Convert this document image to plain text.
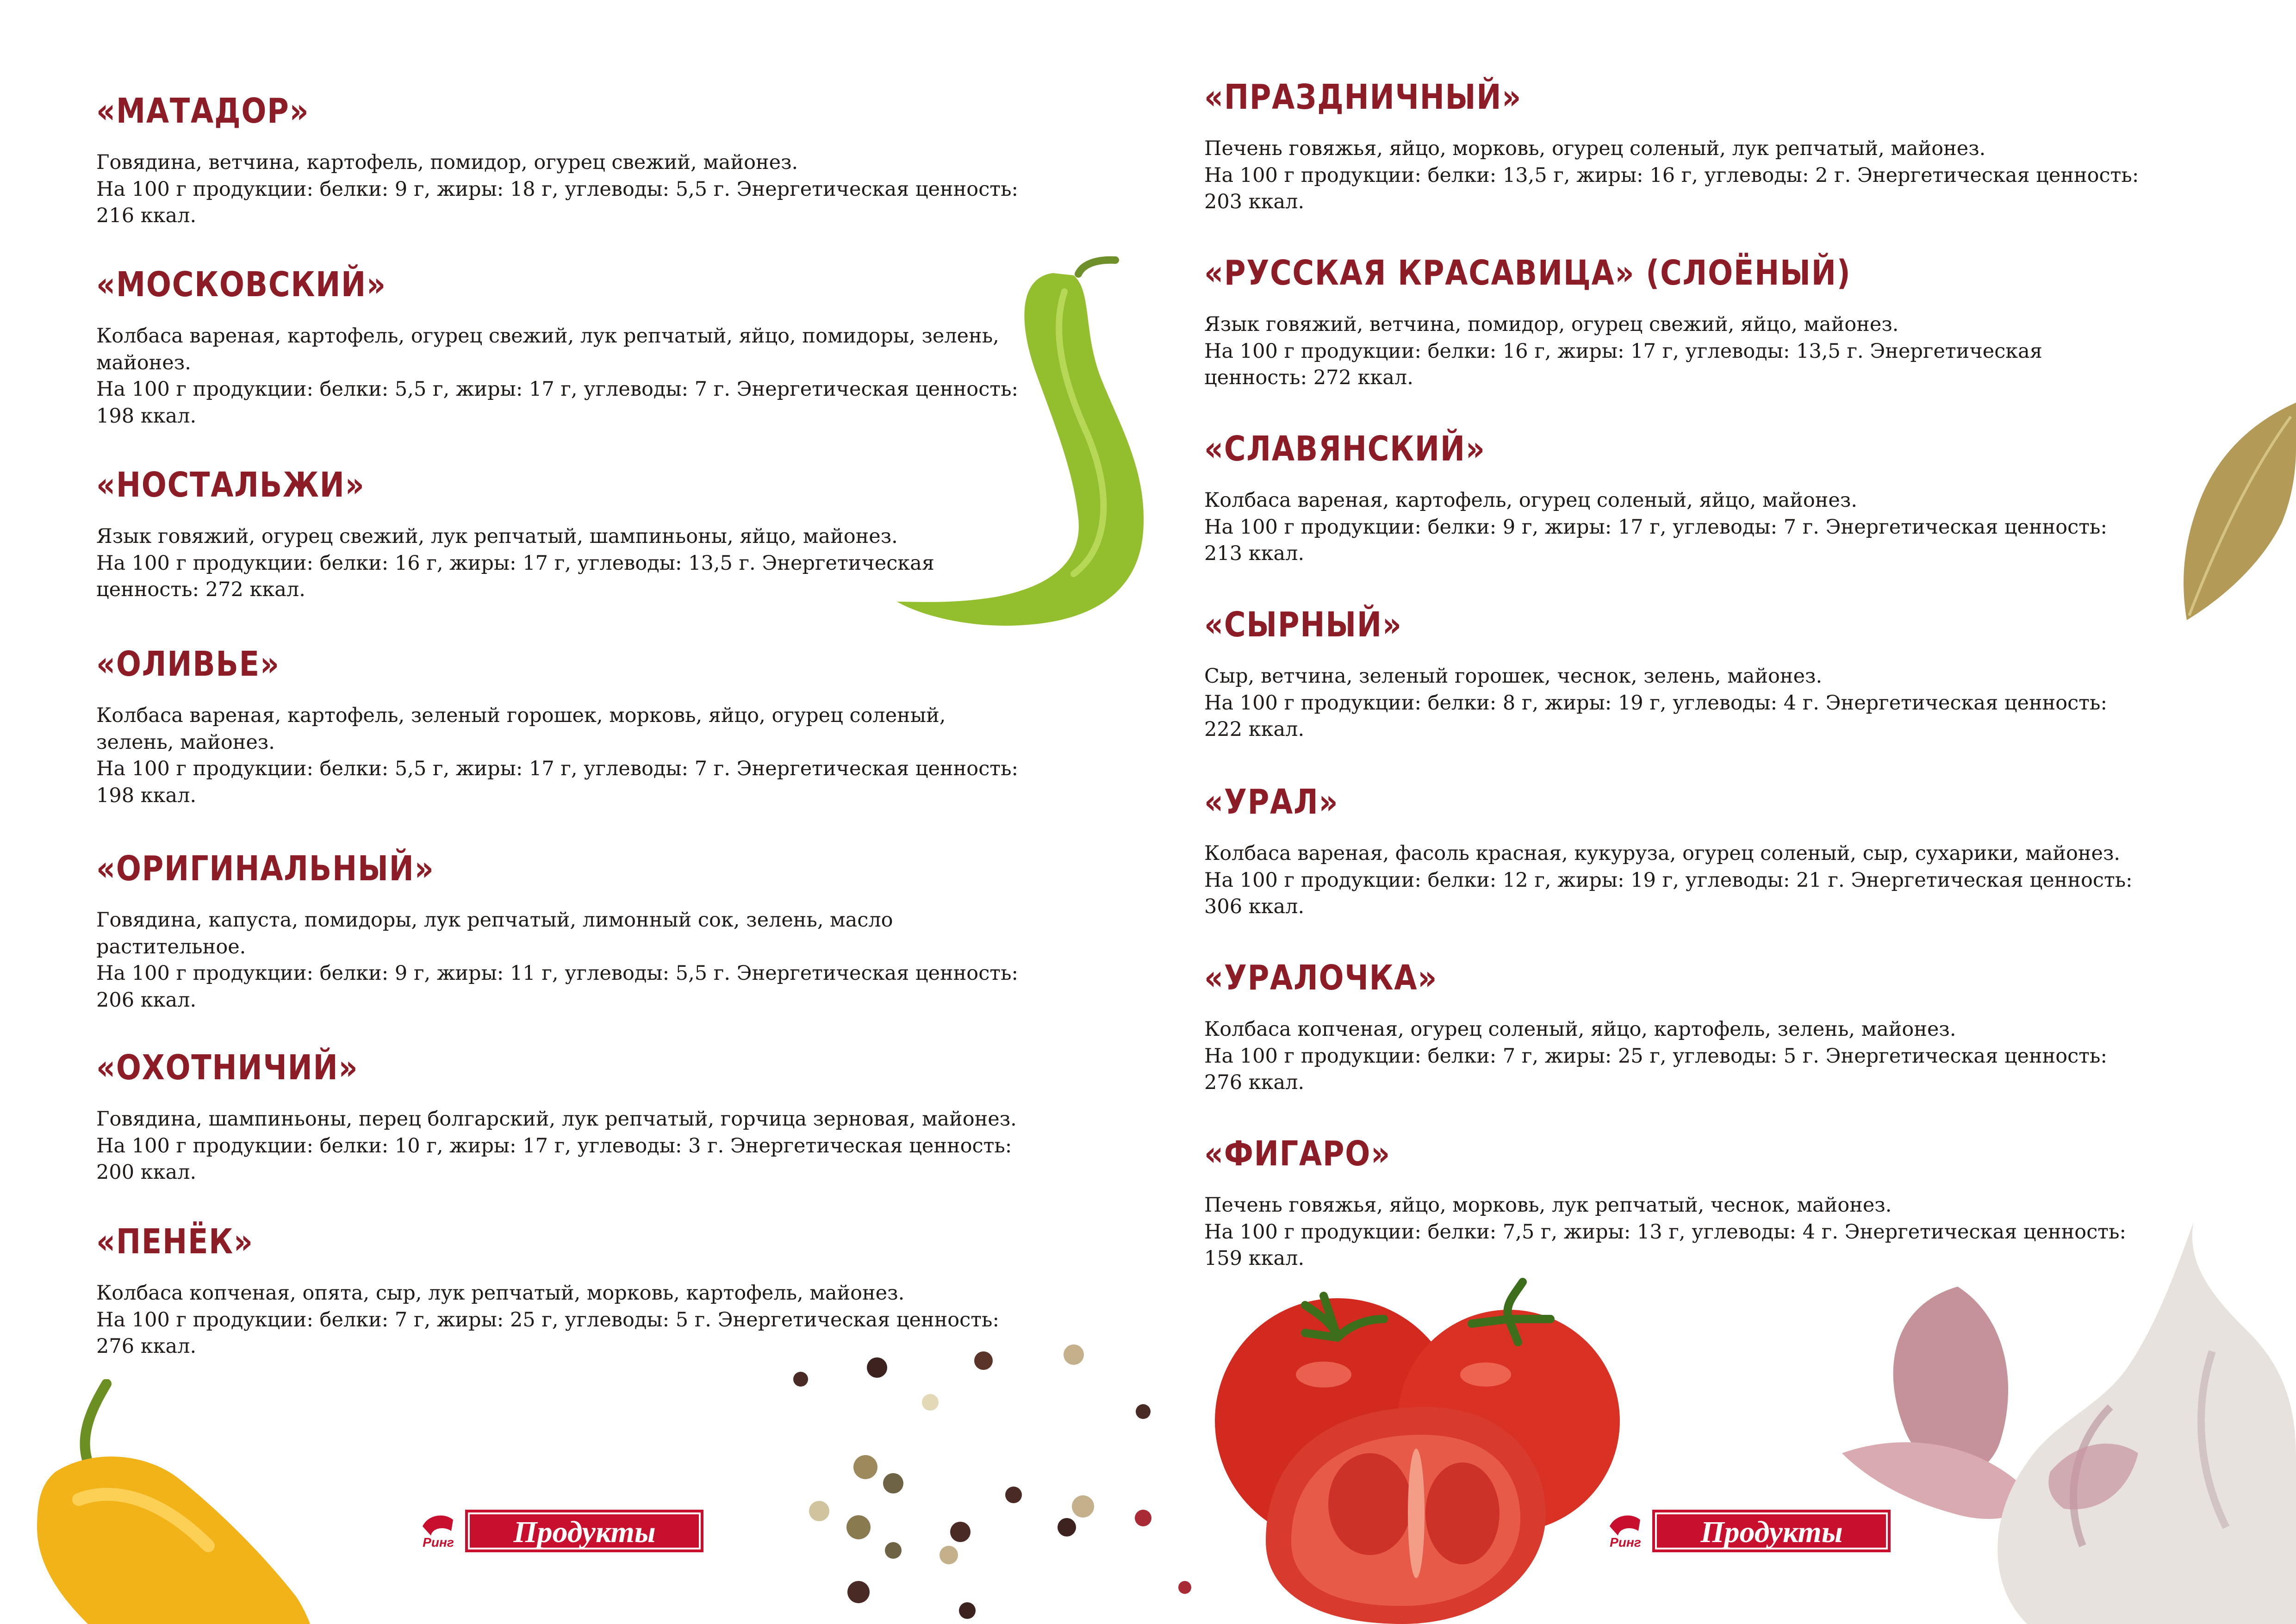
«МАТАДОР»

Говядина, ветчина, картофель, помидор, огурец свежий, майонез.
На 100 г продукции: белки: 9 г, жиры: 18 г, углеводы: 5,5 г. Энергетическая ценность:
216 ккал.

«МОСКОВСКИЙ»

Колбаса вареная, картофель, огурец свежий, лук репчатый, яйцо, помидоры, зелень,
майонез.
На 100 г продукции: белки: 5,5 г, жиры: 17 г, углеводы: 7 г. Энергетическая ценность:
198 ккал.

«НОСТАЛЬЖИ»

Язык говяжий, огурец свежий, лук репчатый, шампиньоны, яйцо, майонез.
На 100 г продукции: белки: 16 г, жиры: 17 г, углеводы: 13,5 г. Энергетическая
ценность: 272 ккал.

«ОЛИВЬЕ»

Колбаса вареная, картофель, зеленый горошек, морковь, яйцо, огурец соленый,
зелень, майонез.
На 100 г продукции: белки: 5,5 г, жиры: 17 г, углеводы: 7 г. Энергетическая ценность:
198 ккал.

«ОРИГИНАЛЬНЫЙ»

Говядина, капуста, помидоры, лук репчатый, лимонный сок, зелень, масло
растительное.
На 100 г продукции: белки: 9 г, жиры: 11 г, углеводы: 5,5 г. Энергетическая ценность:
206 ккал.

«ОХОТНИЧИЙ»

Говядина, шампиньоны, перец болгарский, лук репчатый, горчица зерновая, майонез.
На 100 г продукции: белки: 10 г, жиры: 17 г, углеводы: 3 г. Энергетическая ценность:
200 ккал.

«ПЕНЁК»

Колбаса копченая, опята, сыр, лук репчатый, морковь, картофель, майонез.
На 100 г продукции: белки: 7 г, жиры: 25 г, углеводы: 5 г. Энергетическая ценность:
276 ккал.

«ПРАЗДНИЧНЫЙ»

Печень говяжья, яйцо, морковь, огурец соленый, лук репчатый, майонез.
На 100 г продукции: белки: 13,5 г, жиры: 16 г, углеводы: 2 г. Энергетическая ценность:
203 ккал.

«РУССКАЯ КРАСАВИЦА» (СЛОЁНЫЙ)

Язык говяжий, ветчина, помидор, огурец свежий, яйцо, майонез.
На 100 г продукции: белки: 16 г, жиры: 17 г, углеводы: 13,5 г. Энергетическая
ценность: 272 ккал.

«СЛАВЯНСКИЙ»

Колбаса вареная, картофель, огурец соленый, яйцо, майонез.
На 100 г продукции: белки: 9 г, жиры: 17 г, углеводы: 7 г. Энергетическая ценность:
213 ккал.

«СЫРНЫЙ»

Сыр, ветчина, зеленый горошек, чеснок, зелень, майонез.
На 100 г продукции: белки: 8 г, жиры: 19 г, углеводы: 4 г. Энергетическая ценность:
222 ккал.

«УРАЛ»

Колбаса вареная, фасоль красная, кукуруза, огурец соленый, сыр, сухарики, майонез.
На 100 г продукции: белки: 12 г, жиры: 19 г, углеводы: 21 г. Энергетическая ценность:
306 ккал.

«УРАЛОЧКА»

Колбаса копченая, огурец соленый, яйцо, картофель, зелень, майонез.
На 100 г продукции: белки: 7 г, жиры: 25 г, углеводы: 5 г. Энергетическая ценность:
276 ккал.

«ФИГАРО»

Печень говяжья, яйцо, морковь, лук репчатый, чеснок, майонез.
На 100 г продукции: белки: 7,5 г, жиры: 13 г, углеводы: 4 г. Энергетическая ценность:
159 ккал.

Ринг Продукты	Ринг Продукты
